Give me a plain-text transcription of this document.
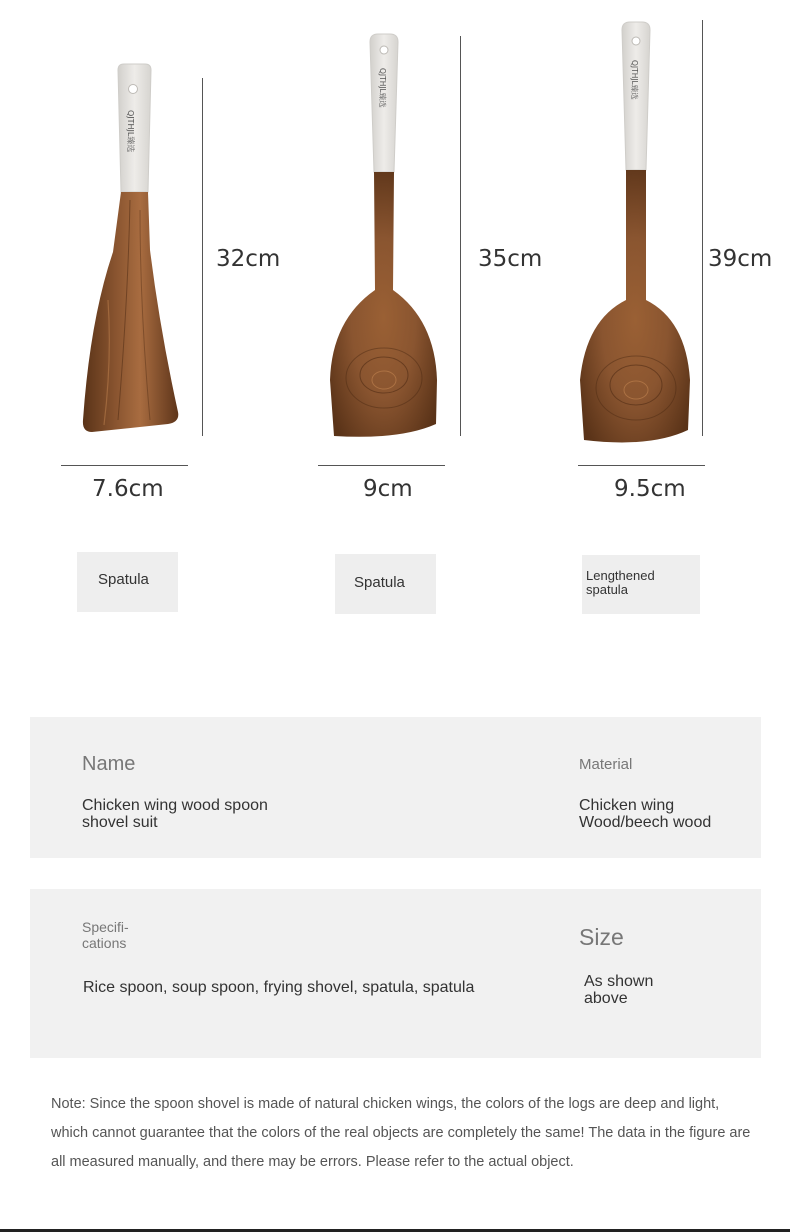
QJTHJL臻选
32cm
7.6cm
Spatula
QJTHJL臻选
35cm
9cm
Spatula
QJTHJL臻选
39cm
9.5cm
Lengthened spatula
Name
Chicken wing wood spoon shovel suit
Material
Chicken wing Wood/beech wood
Specifi-cations
Rice spoon, soup spoon, frying shovel, spatula, spatula
Size
As shown above
Note: Since the spoon shovel is made of natural chicken wings, the colors of the logs are deep and light, which cannot guarantee that the colors of the real objects are completely the same! The data in the figure are all measured manually, and there may be errors. Please refer to the actual object.
